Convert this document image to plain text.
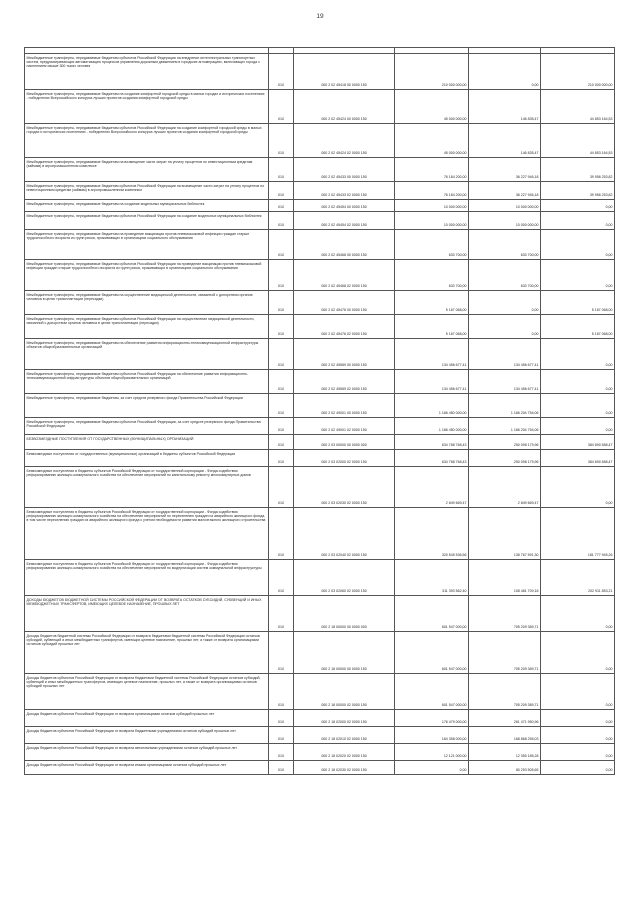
19

Межбюджетные трансферты, передаваемые бюджетам субъектов Российской Федерации на внедрение интеллектуальных транспортных систем, предусматривающих автоматизацию процессов управления дорожным движением в городских агломерациях, включающих города с населением свыше 300 тысяч человек	010	000 2 02 45418 00 0000 150	210 000 000,00	0,00	210 000 000,00
Межбюджетные трансферты, передаваемые бюджетам на создание комфортной городской среды в малых городах и исторических поселениях - победителях Всероссийского конкурса лучших проектов создания комфортной городской среды	010	000 2 02 45424 00 0000 150	45 000 000,00	146 835,47	44 853 164,53
Межбюджетные трансферты, передаваемые бюджетам субъектов Российской Федерации на создание комфортной городской среды в малых городах и исторических поселениях - победителях Всероссийского конкурса лучших проектов создания комфортной городской среды	010	000 2 02 45424 02 0000 150	45 000 000,00	146 835,47	44 853 164,53
Межбюджетные трансферты, передаваемые бюджетам на возмещение части затрат на уплату процентов по инвестиционным кредитам (займам) в агропромышленном комплексе	010	000 2 02 45433 00 0000 150	76 184 200,00	36 227 946,18	39 956 253,82
Межбюджетные трансферты, передаваемые бюджетам субъектов Российской Федерации на возмещение части затрат на уплату процентов по инвестиционным кредитам (займам) в агропромышленном комплексе	010	000 2 02 45433 02 0000 150	76 184 200,00	36 227 946,18	39 956 253,82
Межбюджетные трансферты, передаваемые бюджетам на создание модельных муниципальных библиотек	010	000 2 02 45454 00 0000 150	10 000 000,00	10 000 000,00	0,00
Межбюджетные трансферты, передаваемые бюджетам субъектов Российской Федерации на создание модельных муниципальных библиотек	010	000 2 02 45454 02 0000 150	10 000 000,00	10 000 000,00	0,00
Межбюджетные трансферты, передаваемые бюджетам на проведение вакцинации против пневмококковой инфекции граждан старше трудоспособного возраста из групп риска, проживающих в организациях социального обслуживания	010	000 2 02 45468 00 0000 150	633 700,00	633 700,00	0,00
Межбюджетные трансферты, передаваемые бюджетам субъектов Российской Федерации на проведение вакцинации против пневмококковой инфекции граждан старше трудоспособного возраста из групп риска, проживающих в организациях социального обслуживания	010	000 2 02 45468 02 0000 150	633 700,00	633 700,00	0,00
Межбюджетные трансферты, передаваемые бюджетам на осуществление медицинской деятельности, связанной с донорством органов человека в целях трансплантации (пересадки)	010	000 2 02 45476 00 0000 150	5 167 068,00	0,00	5 167 068,00
Межбюджетные трансферты, передаваемые бюджетам субъектов Российской Федерации на осуществление медицинской деятельности, связанной с донорством органов человека в целях трансплантации (пересадки)	010	000 2 02 45476 02 0000 150	5 167 068,00	0,00	5 167 068,00
Межбюджетные трансферты, передаваемые бюджетам на обеспечение развития информационно-телекоммуникационной инфраструктуры объектов общеобразовательных организаций	010	000 2 02 45589 00 0000 150	134 456 677,41	134 456 677,41	0,00
Межбюджетные трансферты, передаваемые бюджетам субъектов Российской Федерации на обеспечение развития информационно-телекоммуникационной инфраструктуры объектов общеобразовательных организаций	010	000 2 02 45589 02 0000 150	134 456 677,41	134 456 677,41	0,00
Межбюджетные трансферты, передаваемые бюджетам, за счет средств резервного фонда Правительства Российской Федерации	010	000 2 02 49001 00 0000 150	1 186 450 000,00	1 186 204 754,06	0,00
Межбюджетные трансферты, передаваемые бюджетам субъектов Российской Федерации, за счет средств резервного фонда Правительства Российской Федерации	010	000 2 02 49001 02 0000 150	1 186 450 000,00	1 186 204 754,06	0,00
БЕЗВОЗМЕЗДНЫЕ ПОСТУПЛЕНИЯ ОТ ГОСУДАРСТВЕННЫХ (МУНИЦИПАЛЬНЫХ) ОРГАНИЗАЦИЙ	010	000 2 03 00000 00 0000 000	634 788 768,43	250 098 179,96	384 690 588,47
Безвозмездные поступления от государственных (муниципальных) организаций в бюджеты субъектов Российской Федерации	010	000 2 03 02000 02 0000 150	634 788 768,43	250 098 179,96	384 690 588,47
Безвозмездные поступления в бюджеты субъектов Российской Федерации от государственной корпорации - Фонда содействия реформированию жилищно-коммунального хозяйства на обеспечение мероприятий по капитальному ремонту многоквартирных домов	010	000 2 03 02030 02 0000 150	2 849 669,47	2 849 669,47	0,00
Безвозмездные поступления в бюджеты субъектов Российской Федерации от государственной корпорации - Фонда содействия реформированию жилищно-коммунального хозяйства на обеспечение мероприятий по переселению граждан из аварийного жилищного фонда, в том числе переселению граждан из аварийного жилищного фонда с учетом необходимости развития малоэтажного жилищного строительства	010	000 2 03 02040 02 0000 150	320 545 536,56	138 767 591,30	181 777 945,26
Безвозмездные поступления в бюджеты субъектов Российской Федерации от государственной корпорации - Фонда содействия реформированию жилищно-коммунального хозяйства на обеспечение мероприятий по модернизации систем коммунальной инфраструктуры	010	000 2 03 02060 02 0000 150	311 393 562,40	108 481 709,18	202 911 853,21
ДОХОДЫ БЮДЖЕТОВ БЮДЖЕТНОЙ СИСТЕМЫ РОССИЙСКОЙ ФЕДЕРАЦИИ ОТ ВОЗВРАТА ОСТАТКОВ СУБСИДИЙ, СУБВЕНЦИЙ И ИНЫХ МЕЖБЮДЖЕТНЫХ ТРАНСФЕРТОВ, ИМЕЮЩИХ ЦЕЛЕВОЕ НАЗНАЧЕНИЕ, ПРОШЛЫХ ЛЕТ	010	000 2 18 00000 00 0000 000	601 547 000,00	705 209 389,71	0,00
Доходы бюджетов бюджетной системы Российской Федерации от возврата бюджетами бюджетной системы Российской Федерации остатков субсидий, субвенций и иных межбюджетных трансфертов, имеющих целевое назначение, прошлых лет, а также от возврата организациями остатков субсидий прошлых лет	010	000 2 18 00000 00 0000 150	601 547 000,00	705 209 389,71	0,00
Доходы бюджетов субъектов Российской Федерации от возврата бюджетами бюджетной системы Российской Федерации остатков субсидий, субвенций и иных межбюджетных трансфертов, имеющих целевое назначение, прошлых лет, а также от возврата организациями остатков субсидий прошлых лет	010	000 2 18 00000 02 0000 150	601 547 000,00	705 209 389,71	0,00
Доходы бюджетов субъектов Российской Федерации от возврата организациями остатков субсидий прошлых лет	010	000 2 18 02000 02 0000 150	176 479 000,00	261 471 950,96	0,00
Доходы бюджетов субъектов Российской Федерации от возврата бюджетными учреждениями остатков субсидий прошлых лет	010	000 2 18 02010 02 0000 150	164 358 000,00	168 868 255,03	0,00
Доходы бюджетов субъектов Российской Федерации от возврата автономными учреждениями остатков субсидий прошлых лет	010	000 2 18 02020 02 0000 150	12 121 000,00	12 350 185,28	0,00
Доходы бюджетов субъектов Российской Федерации от возврата иными организациями остатков субсидий прошлых лет	010	000 2 18 02030 02 0000 150	0,00	80 253 505,65	0,00
